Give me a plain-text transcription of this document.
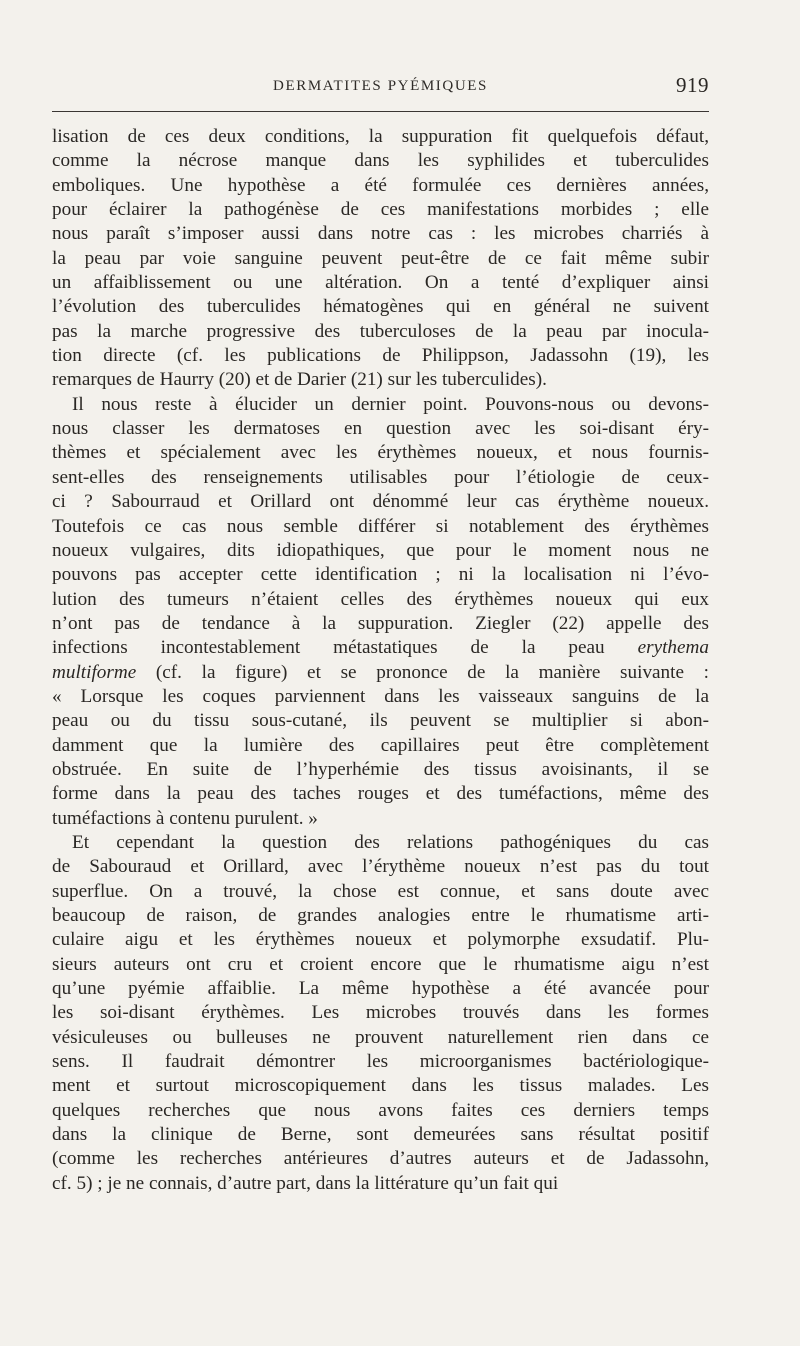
DERMATITES PYÉMIQUES	919
lisation de ces deux conditions, la suppuration fit quelquefois défaut,
comme la nécrose manque dans les syphilides et tuberculides
emboliques. Une hypothèse a été formulée ces dernières années,
pour éclairer la pathogénèse de ces manifestations morbides ; elle
nous paraît s’imposer aussi dans notre cas : les microbes charriés à
la peau par voie sanguine peuvent peut-être de ce fait même subir
un affaiblissement ou une altération. On a tenté d’expliquer ainsi
l’évolution des tuberculides hématogènes qui en général ne suivent
pas la marche progressive des tuberculoses de la peau par inocula-
tion directe (cf. les publications de Philippson, Jadassohn (19), les
remarques de Haurry (20) et de Darier (21) sur les tuberculides).
Il nous reste à élucider un dernier point. Pouvons-nous ou devons-
nous classer les dermatoses en question avec les soi-disant éry-
thèmes et spécialement avec les érythèmes noueux, et nous fournis-
sent-elles des renseignements utilisables pour l’étiologie de ceux-
ci ? Sabourraud et Orillard ont dénommé leur cas érythème noueux.
Toutefois ce cas nous semble différer si notablement des érythèmes
noueux vulgaires, dits idiopathiques, que pour le moment nous ne
pouvons pas accepter cette identification ; ni la localisation ni l’évo-
lution des tumeurs n’étaient celles des érythèmes noueux qui eux
n’ont pas de tendance à la suppuration. Ziegler (22) appelle des
infections incontestablement métastatiques de la peau erythema
multiforme (cf. la figure) et se prononce de la manière suivante :
« Lorsque les coques parviennent dans les vaisseaux sanguins de la
peau ou du tissu sous-cutané, ils peuvent se multiplier si abon-
damment que la lumière des capillaires peut être complètement
obstruée. En suite de l’hyperhémie des tissus avoisinants, il se
forme dans la peau des taches rouges et des tuméfactions, même des
tuméfactions à contenu purulent. »
Et cependant la question des relations pathogéniques du cas
de Sabouraud et Orillard, avec l’érythème noueux n’est pas du tout
superflue. On a trouvé, la chose est connue, et sans doute avec
beaucoup de raison, de grandes analogies entre le rhumatisme arti-
culaire aigu et les érythèmes noueux et polymorphe exsudatif. Plu-
sieurs auteurs ont cru et croient encore que le rhumatisme aigu n’est
qu’une pyémie affaiblie. La même hypothèse a été avancée pour
les soi-disant érythèmes. Les microbes trouvés dans les formes
vésiculeuses ou bulleuses ne prouvent naturellement rien dans ce
sens. Il faudrait démontrer les microorganismes bactériologique-
ment et surtout microscopiquement dans les tissus malades. Les
quelques recherches que nous avons faites ces derniers temps
dans la clinique de Berne, sont demeurées sans résultat positif
(comme les recherches antérieures d’autres auteurs et de Jadassohn,
cf. 5) ; je ne connais, d’autre part, dans la littérature qu’un fait qui
